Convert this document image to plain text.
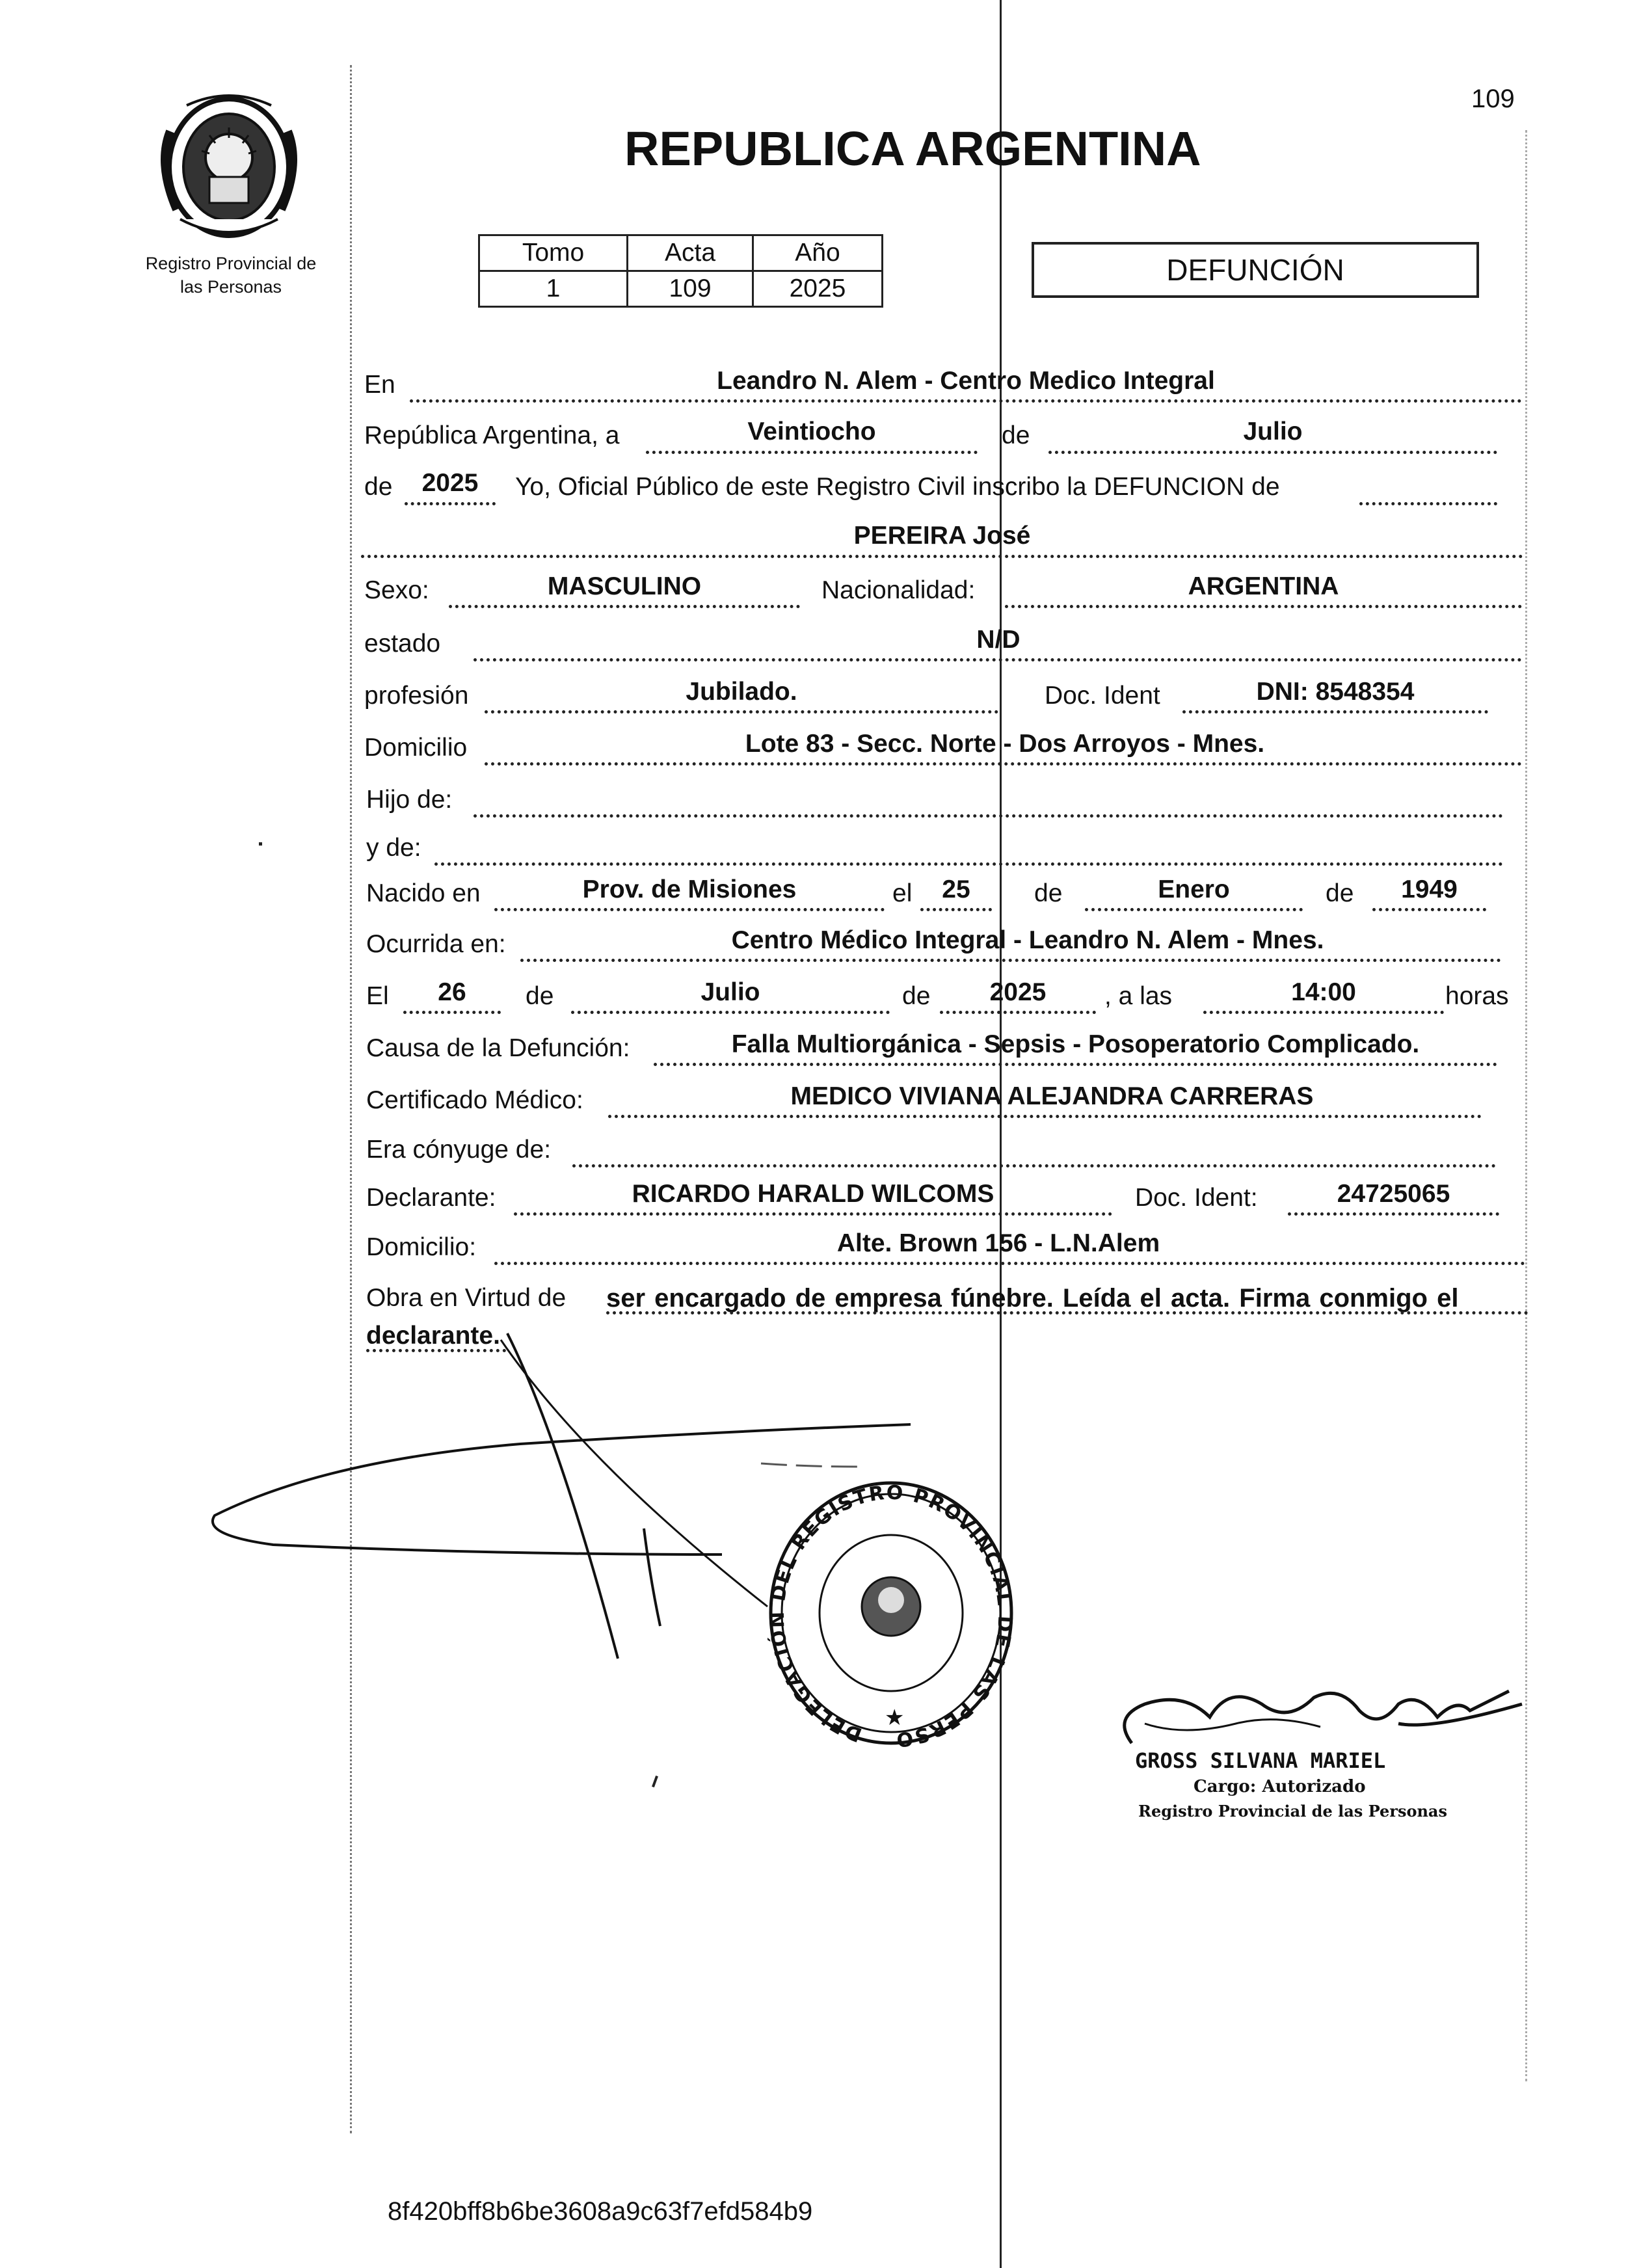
109
Registro Provincial de
las Personas
REPUBLICA ARGENTINA
Tomo	Acta	Año
1	109	2025
DEFUNCIÓN
En	Leandro N. Alem - Centro Medico Integral
República Argentina, a	Veintiocho	de	Julio
de	2025	Yo, Oficial Público de este Registro Civil inscribo la DEFUNCION de
PEREIRA José
Sexo:	MASCULINO	Nacionalidad:	ARGENTINA
estado	N/D
profesión	Jubilado.	Doc. Ident	DNI: 8548354
Domicilio	Lote 83 - Secc. Norte - Dos Arroyos - Mnes.
Hijo de:
y de:
Nacido en	Prov. de Misiones	el	25	de	Enero	de	1949
Ocurrida en:	Centro Médico Integral - Leandro N. Alem - Mnes.
El	26	de	Julio	de	2025	, a las	14:00	horas
Causa de la Defunción:	Falla Multiorgánica - Sepsis - Posoperatorio Complicado.
Certificado Médico:	MEDICO VIVIANA ALEJANDRA CARRERAS
Era cónyuge de:
Declarante:	RICARDO HARALD WILCOMS	Doc. Ident:	24725065
Domicilio:	Alte. Brown 156 - L.N.Alem
Obra en Virtud de ser encargado de empresa fúnebre. Leída el acta. Firma conmigo el
declarante.
DELEGACIÓN DEL REGISTRO PROVINCIAL DE LAS PERSO
★
GROSS SILVANA MARIEL
Cargo: Autorizado
Registro Provincial de las Personas
8f420bff8b6be3608a9c63f7efd584b9
